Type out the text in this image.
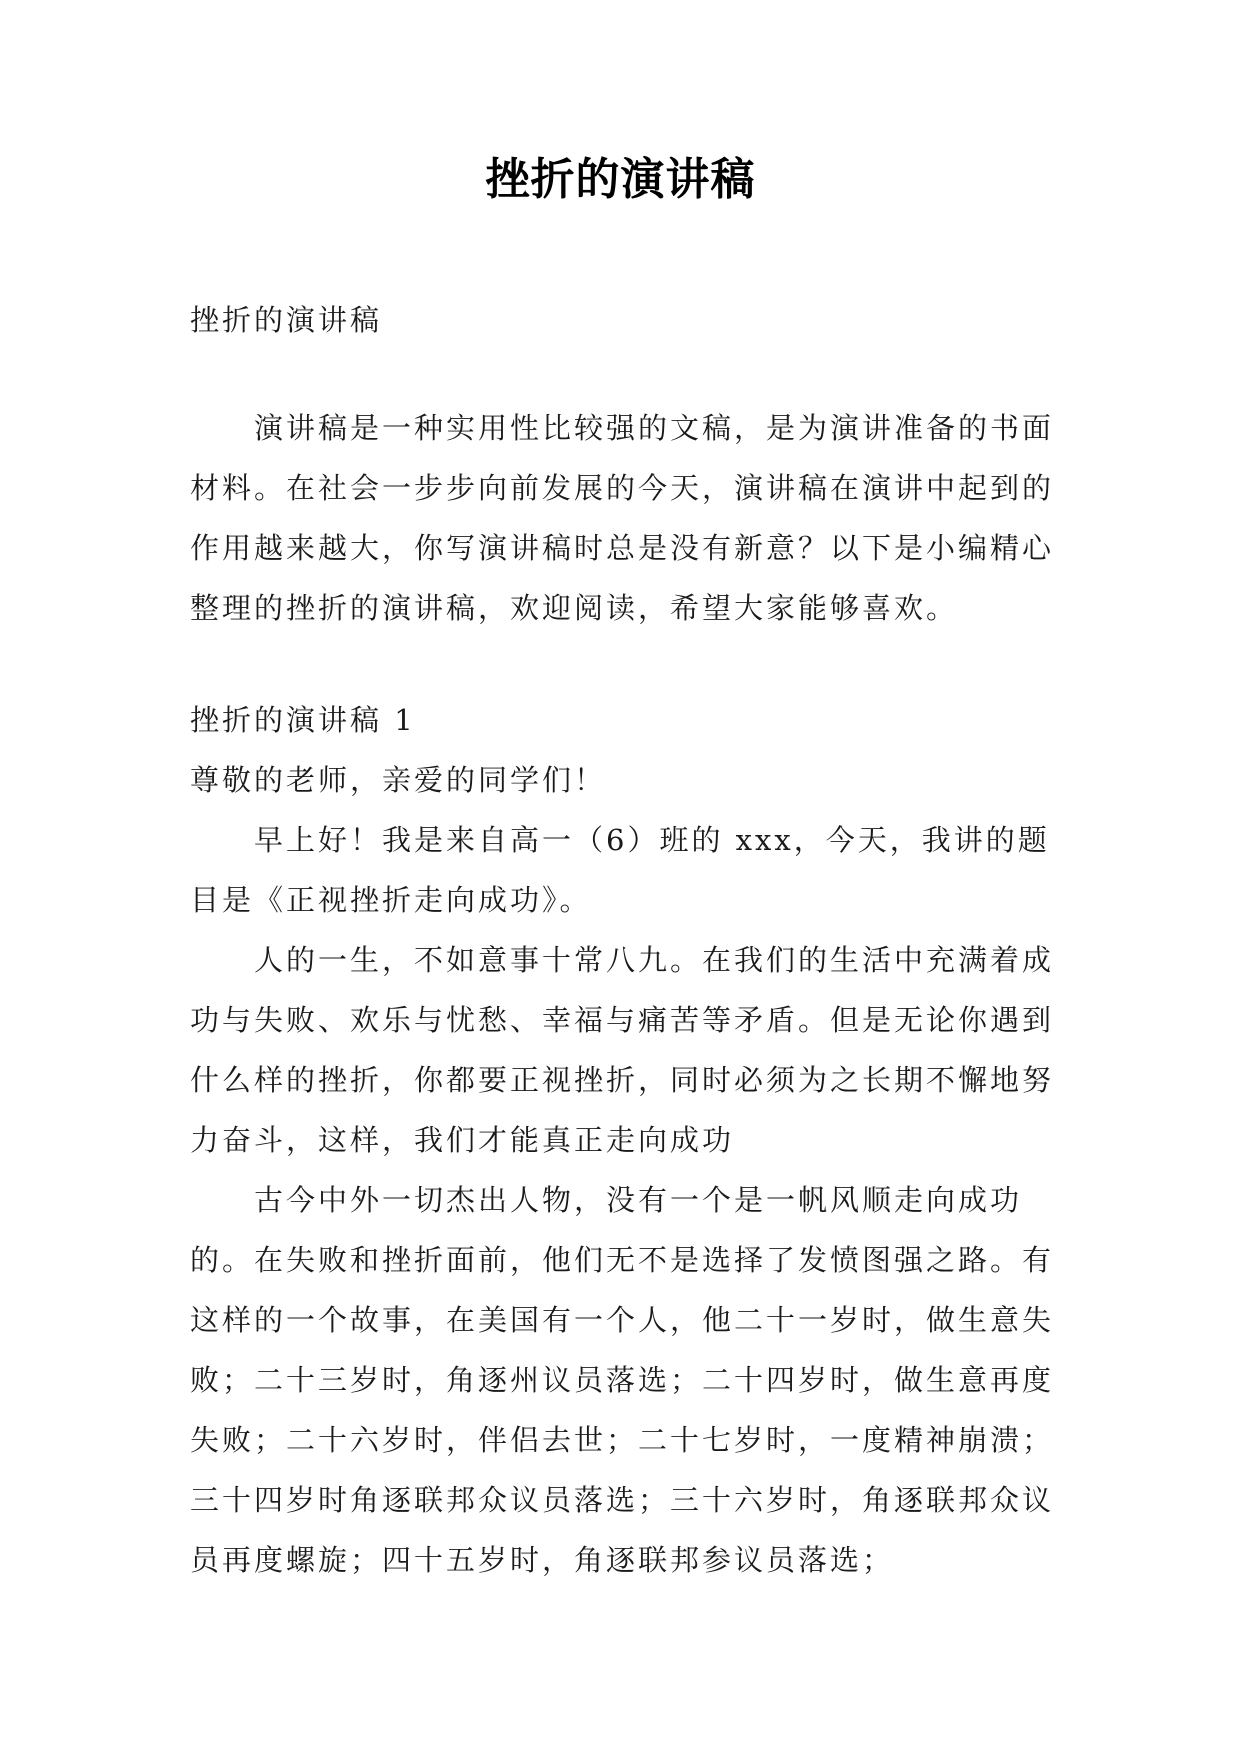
挫折的演讲稿

挫折的演讲稿

演讲稿是一种实用性比较强的文稿，是为演讲准备的书面材料。在社会一步步向前发展的今天，演讲稿在演讲中起到的作用越来越大，你写演讲稿时总是没有新意？以下是小编精心整理的挫折的演讲稿，欢迎阅读，希望大家能够喜欢。

挫折的演讲稿 1

尊敬的老师，亲爱的同学们！

早上好！我是来自高一（6）班的 xxx，今天，我讲的题目是《正视挫折走向成功》。

人的一生，不如意事十常八九。在我们的生活中充满着成功与失败、欢乐与忧愁、幸福与痛苦等矛盾。但是无论你遇到什么样的挫折，你都要正视挫折，同时必须为之长期不懈地努力奋斗，这样，我们才能真正走向成功

古今中外一切杰出人物，没有一个是一帆风顺走向成功的。在失败和挫折面前，他们无不是选择了发愤图强之路。有这样的一个故事，在美国有一个人，他二十一岁时，做生意失败；二十三岁时，角逐州议员落选；二十四岁时，做生意再度失败；二十六岁时，伴侣去世；二十七岁时，一度精神崩溃；三十四岁时角逐联邦众议员落选；三十六岁时，角逐联邦众议员再度螺旋；四十五岁时，角逐联邦参议员落选；
